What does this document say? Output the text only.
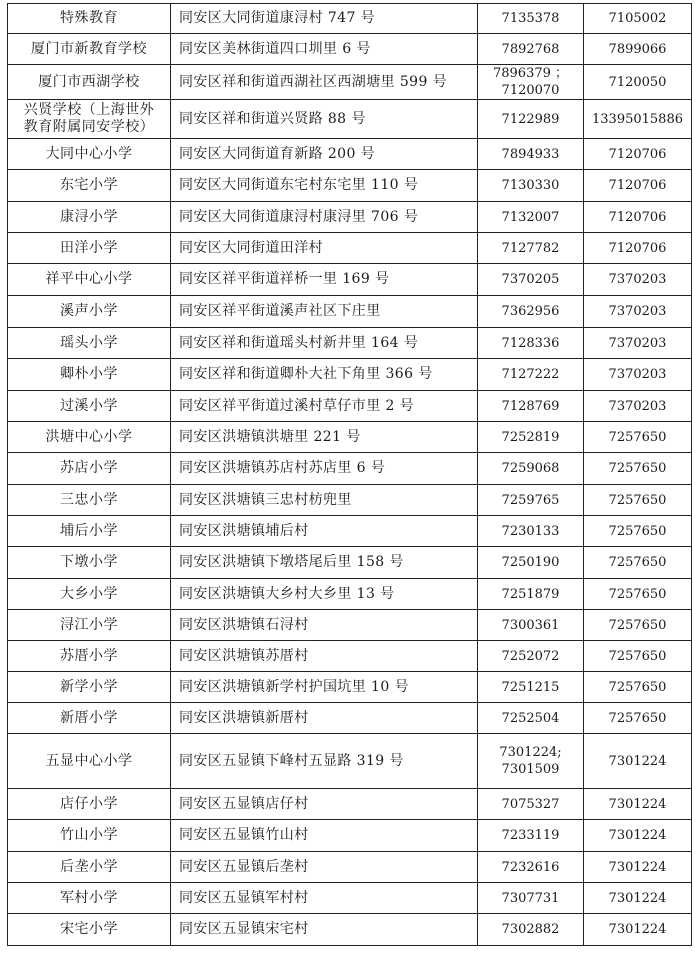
特殊教育	同安区大同街道康浔村 747 号	7135378	7105002

厦门市新教育学校	同安区美林街道四口圳里 6 号	7892768	7899066

厦门市西湖学校	同安区祥和街道西湖社区西湖塘里 599 号	7896379 ；
7120070	7120050

兴贤学校（上海世外
教育附属同安学校）	同安区祥和街道兴贤路 88 号	7122989	13395015886

大同中心小学	同安区大同街道育新路 200 号	7894933	7120706

东宅小学	同安区大同街道东宅村东宅里 110 号	7130330	7120706

康浔小学	同安区大同街道康浔村康浔里 706 号	7132007	7120706

田洋小学	同安区大同街道田洋村	7127782	7120706

祥平中心小学	同安区祥平街道祥桥一里 169 号	7370205	7370203

溪声小学	同安区祥平街道溪声社区下庄里	7362956	7370203

瑶头小学	同安区祥和街道瑶头村新井里 164 号	7128336	7370203

卿朴小学	同安区祥和街道卿朴大社下角里 366 号	7127222	7370203

过溪小学	同安区祥平街道过溪村草仔市里 2 号	7128769	7370203

洪塘中心小学	同安区洪塘镇洪塘里 221 号	7252819	7257650

苏店小学	同安区洪塘镇苏店村苏店里 6 号	7259068	7257650

三忠小学	同安区洪塘镇三忠村枋兜里	7259765	7257650

埔后小学	同安区洪塘镇埔后村	7230133	7257650

下墩小学	同安区洪塘镇下墩塔尾后里 158 号	7250190	7257650

大乡小学	同安区洪塘镇大乡村大乡里 13 号	7251879	7257650

浔江小学	同安区洪塘镇石浔村	7300361	7257650

苏厝小学	同安区洪塘镇苏厝村	7252072	7257650

新学小学	同安区洪塘镇新学村护国坑里 10 号	7251215	7257650

新厝小学	同安区洪塘镇新厝村	7252504	7257650

五显中心小学	同安区五显镇下峰村五显路 319 号	7301224;
7301509	7301224

店仔小学	同安区五显镇店仔村	7075327	7301224

竹山小学	同安区五显镇竹山村	7233119	7301224

后垄小学	同安区五显镇后垄村	7232616	7301224

军村小学	同安区五显镇军村村	7307731	7301224

宋宅小学	同安区五显镇宋宅村	7302882	7301224
